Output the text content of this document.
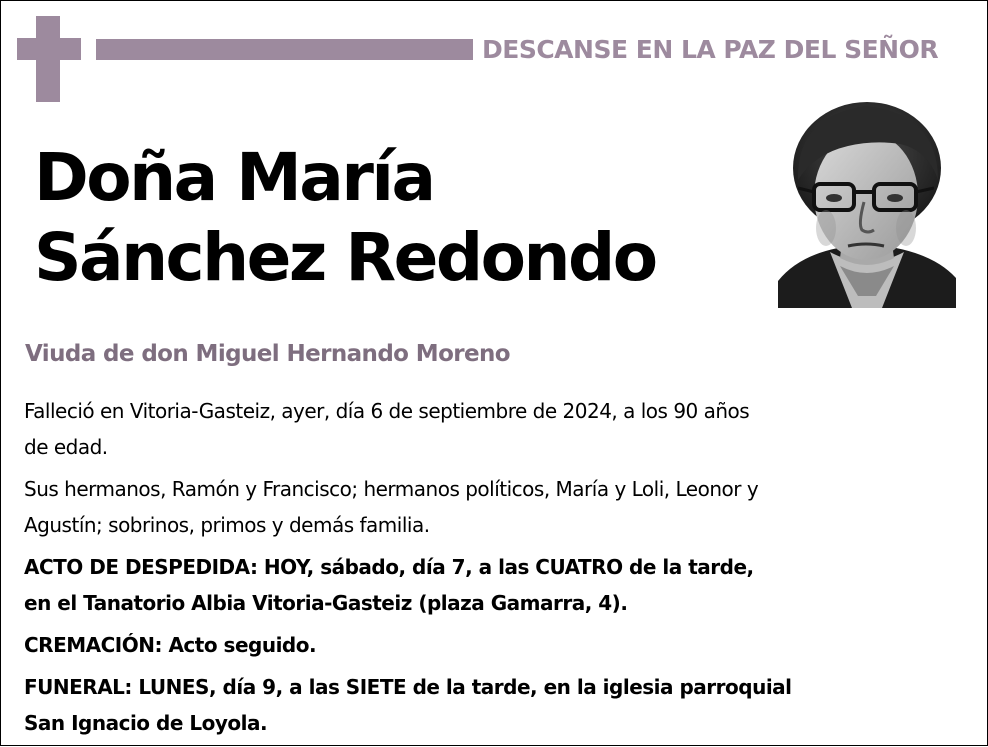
DESCANSE EN LA PAZ DEL SEÑOR
Doña María
Sánchez Redondo
Viuda de don Miguel Hernando Moreno
Falleció en Vitoria-Gasteiz, ayer, día 6 de septiembre de 2024, a los 90 años
de edad.
Sus hermanos, Ramón y Francisco; hermanos políticos, María y Loli, Leonor y
Agustín; sobrinos, primos y demás familia.
ACTO DE DESPEDIDA: HOY, sábado, día 7, a las CUATRO de la tarde,
en el Tanatorio Albia Vitoria-Gasteiz (plaza Gamarra, 4).
CREMACIÓN: Acto seguido.
FUNERAL: LUNES, día 9, a las SIETE de la tarde, en la iglesia parroquial
San Ignacio de Loyola.
